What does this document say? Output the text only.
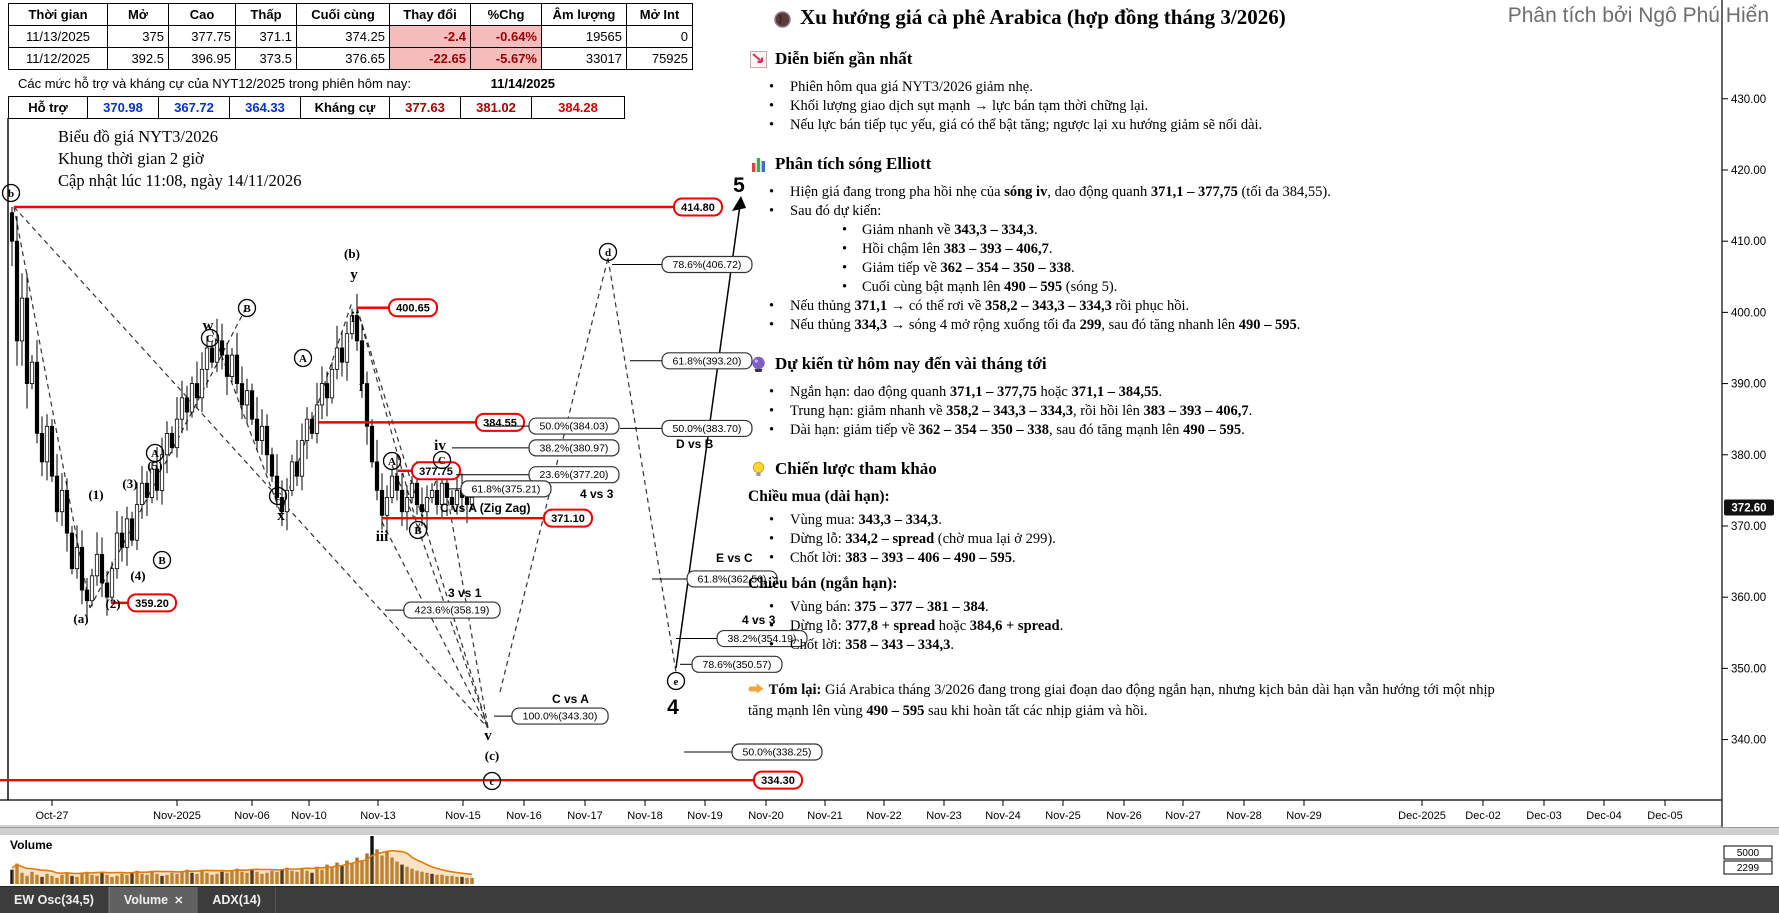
Oct-27	Nov-2025	Nov-06 Nov-10	Nov-13	Nov-15 Nov-16 Nov-17 Nov-18 Nov-19 Nov-20 Nov-21 Nov-22 Nov-23 Nov-24 Nov-25 Nov-26 Nov-27 Nov-28 Nov-29	Dec-2025 Dec-02 Dec-03 Dec-04 Dec-05
430.00
420.00
410.00
400.00
390.00
380.00
370.00
360.00
350.00
340.00
372.60
5000
2299
414.80
400.65
384.55
377.75
371.10
359.20
334.30
78.6%(406.72)
61.8%(393.20)
50.0%(383.70)
50.0%(384.03)
38.2%(380.97)
23.6%(377.20)
61.8%(375.21)
423.6%(358.19)
100.0%(343.30)
61.8%(362.56)
38.2%(354.19)
78.6%(350.57)
50.0%(338.25)
D vs B
4 vs 3
C vs A (Zig Zag)
3 vs 1
C vs A
E vs C
4 vs 3
b
d
e
c
C
B
A
A
B
C
A	C
B
(b)
(1)
(3)
(2)
(4)
(5)
(a)
(c)
w
x
y
i
ii
iii
iv
v
4
5
Thời gian	Mở	Cao	Thấp	Cuối cùng	Thay đổi	%Chg	Âm lượng	Mở Int
11/13/2025	375	377.75	371.1	374.25	-2.4	-0.64%	19565	0
11/12/2025	392.5	396.95	373.5	376.65	-22.65	-5.67%	33017	75925
Các mức hỗ trợ và kháng cự của NYT12/2025 trong phiên hôm nay:	11/14/2025
Hỗ trợ	370.98	367.72	364.33	Kháng cự	377.63	381.02	384.28
Biểu đồ giá NYT3/2026
Khung thời gian 2 giờ
Cập nhật lúc 11:08, ngày 14/11/2026
Phân tích bởi Ngô Phú Hiển
Xu hướng giá cà phê Arabica (hợp đồng tháng 3/2026)
Diễn biến gần nhất
• Phiên hôm qua giá NYT3/2026 giảm nhẹ.
• Khối lượng giao dịch sụt mạnh → lực bán tạm thời chững lại.
• Nếu lực bán tiếp tục yếu, giá có thể bật tăng; ngược lại xu hướng giảm sẽ nối dài.
Phân tích sóng Elliott
• Hiện giá đang trong pha hồi nhẹ của sóng iv, dao động quanh 371,1 – 377,75 (tối đa 384,55).
• Sau đó dự kiến:
• Giảm nhanh về 343,3 – 334,3.
• Hồi chậm lên 383 – 393 – 406,7.
• Giảm tiếp về 362 – 354 – 350 – 338.
• Cuối cùng bật mạnh lên 490 – 595 (sóng 5).
• Nếu thủng 371,1 → có thể rơi về 358,2 – 343,3 – 334,3 rồi phục hồi.
• Nếu thủng 334,3 → sóng 4 mở rộng xuống tối đa 299, sau đó tăng nhanh lên 490 – 595.
Dự kiến từ hôm nay đến vài tháng tới
• Ngắn hạn: dao động quanh 371,1 – 377,75 hoặc 371,1 – 384,55.
• Trung hạn: giảm nhanh về 358,2 – 343,3 – 334,3, rồi hồi lên 383 – 393 – 406,7.
• Dài hạn: giảm tiếp về 362 – 354 – 350 – 338, sau đó tăng mạnh lên 490 – 595.
Chiến lược tham khảo
Chiều mua (dài hạn):
• Vùng mua: 343,3 – 334,3.
• Dừng lỗ: 334,2 – spread (chờ mua lại ở 299).
• Chốt lời: 383 – 393 – 406 – 490 – 595.
Chiều bán (ngắn hạn):
• Vùng bán: 375 – 377 – 381 – 384.
• Dừng lỗ: 377,8 + spread hoặc 384,6 + spread.
• Chốt lời: 358 – 343 – 334,3.
Tóm lại: Giá Arabica tháng 3/2026 đang trong giai đoạn dao động ngắn hạn, nhưng kịch bản dài hạn vẫn hướng tới một nhịp tăng mạnh lên vùng 490 – 595 sau khi hoàn tất các nhịp giảm và hồi.
Volume
EW Osc(34,5) Volume ✕ ADX(14)
